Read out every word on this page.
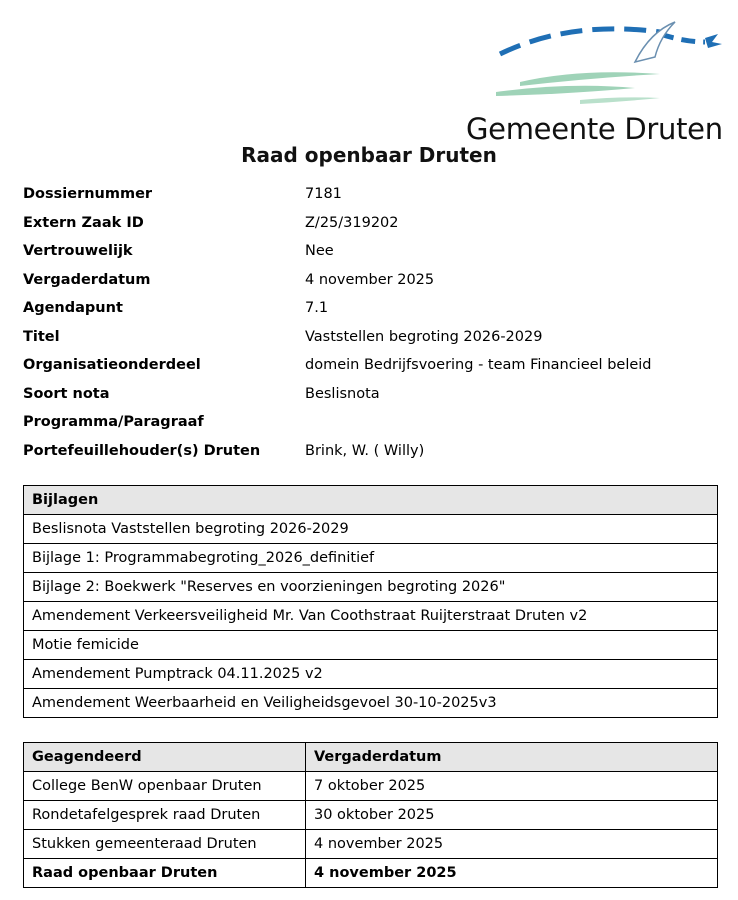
Gemeente Druten
Raad openbaar Druten
Dossiernummer	7181
Extern Zaak ID	Z/25/319202
Vertrouwelijk	Nee
Vergaderdatum	4 november 2025
Agendapunt	7.1
Titel	Vaststellen begroting 2026-2029
Organisatieonderdeel	domein Bedrijfsvoering - team Financieel beleid
Soort nota	Beslisnota
Programma/Paragraaf
Portefeuillehouder(s) Druten	Brink, W. ( Willy)
Bijlagen
Beslisnota Vaststellen begroting 2026-2029
Bijlage 1: Programmabegroting_2026_definitief
Bijlage 2: Boekwerk "Reserves en voorzieningen begroting 2026"
Amendement Verkeersveiligheid Mr. Van Coothstraat Ruijterstraat Druten v2
Motie femicide
Amendement Pumptrack 04.11.2025 v2
Amendement Weerbaarheid en Veiligheidsgevoel 30-10-2025v3
Geagendeerd	Vergaderdatum
College BenW openbaar Druten	7 oktober 2025
Rondetafelgesprek raad Druten	30 oktober 2025
Stukken gemeenteraad Druten	4 november 2025
Raad openbaar Druten	4 november 2025
